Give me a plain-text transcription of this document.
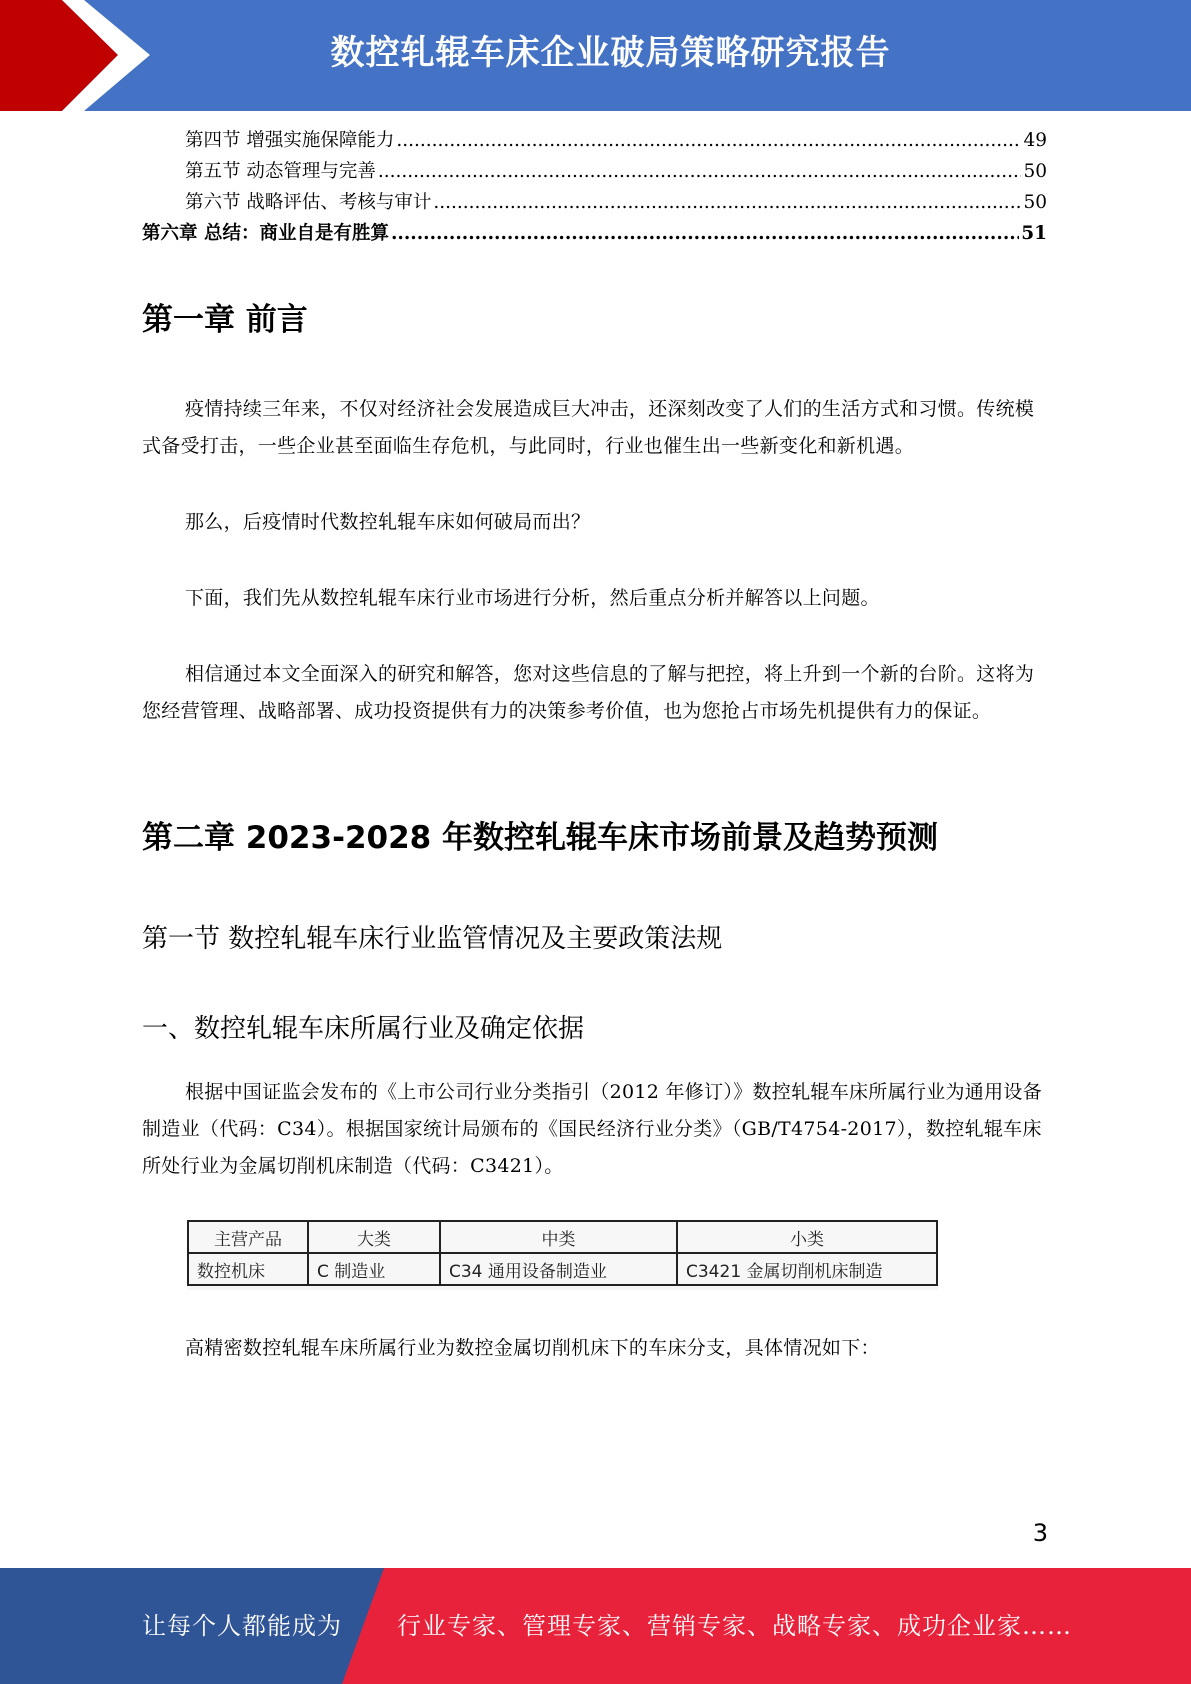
数控轧辊车床企业破局策略研究报告
第四节 增强实施保障能力 .....	49
第五节 动态管理与完善 .....	50
第六节 战略评估、考核与审计 .....	50
第六章 总结：商业自是有胜算 .....	51
第一章 前言

疫情持续三年来，不仅对经济社会发展造成巨大冲击，还深刻改变了人们的生活方式和习惯。传统模式备受打击，一些企业甚至面临生存危机，与此同时，行业也催生出一些新变化和新机遇。

那么，后疫情时代数控轧辊车床如何破局而出？

下面，我们先从数控轧辊车床行业市场进行分析，然后重点分析并解答以上问题。

相信通过本文全面深入的研究和解答，您对这些信息的了解与把控，将上升到一个新的台阶。这将为您经营管理、战略部署、成功投资提供有力的决策参考价值，也为您抢占市场先机提供有力的保证。

第二章 2023-2028 年数控轧辊车床市场前景及趋势预测
第一节 数控轧辊车床行业监管情况及主要政策法规
一、数控轧辊车床所属行业及确定依据

根据中国证监会发布的《上市公司行业分类指引（2012 年修订）》数控轧辊车床所属行业为通用设备制造业（代码：C34）。根据国家统计局颁布的《国民经济行业分类》（GB/T4754-2017），数控轧辊车床所处行业为金属切削机床制造（代码：C3421）。

主营产品	大类	中类	小类
数控机床	C 制造业	C34 通用设备制造业	C3421 金属切削机床制造

高精密数控轧辊车床所属行业为数控金属切削机床下的车床分支，具体情况如下：

3
让每个人都能成为 行业专家、管理专家、营销专家、战略专家、成功企业家……
